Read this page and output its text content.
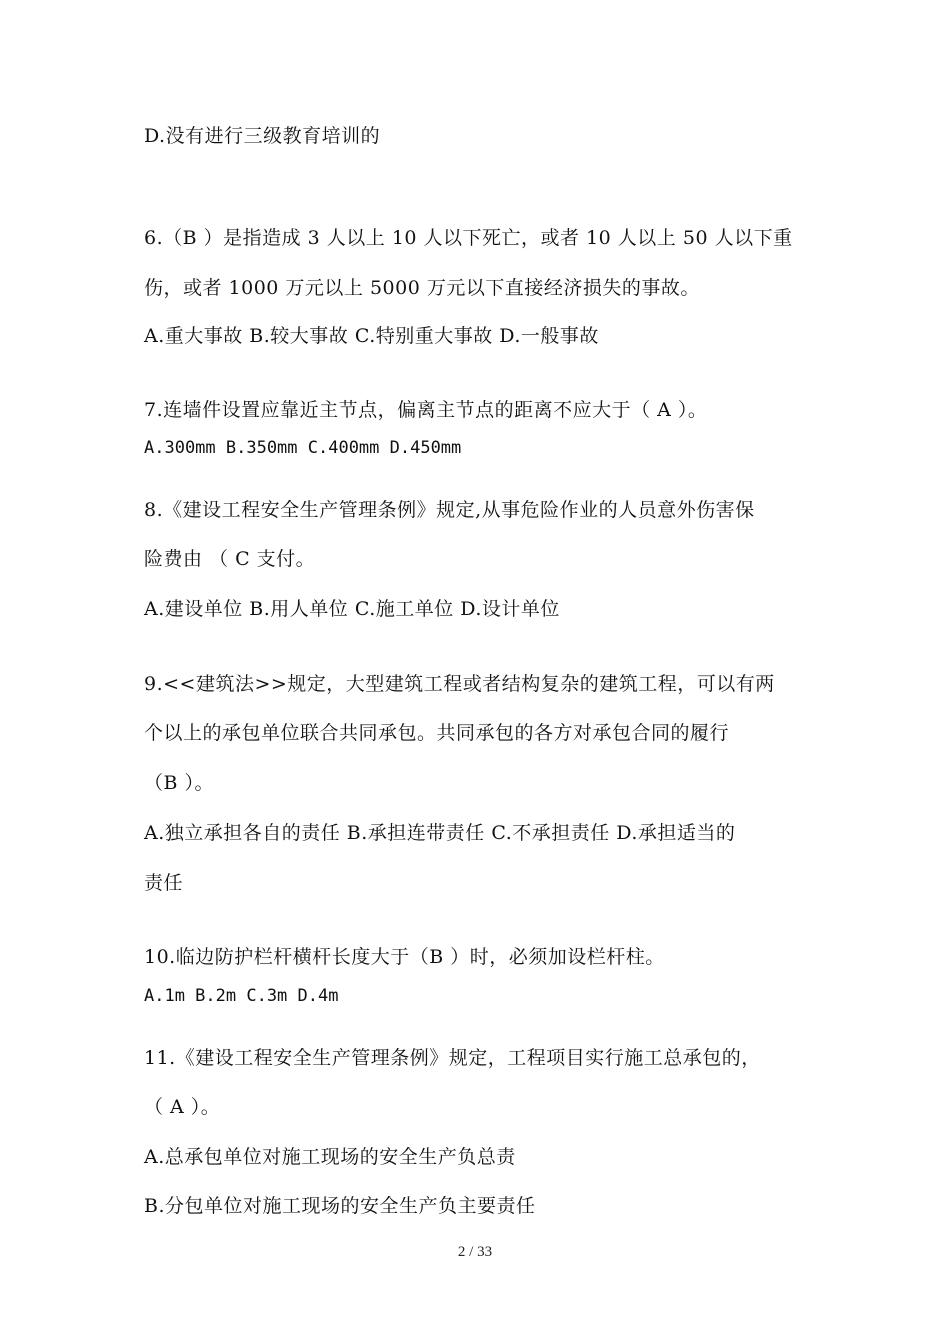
D.没有进行三级教育培训的
6.（B ）是指造成 3 人以上 10 人以下死亡，或者 10 人以上 50 人以下重
伤，或者 1000 万元以上 5000 万元以下直接经济损失的事故。
A.重大事故 B.较大事故 C.特别重大事故 D.一般事故
7.连墙件设置应靠近主节点，偏离主节点的距离不应大于（ A ）。
A.300mm B.350mm C.400mm D.450mm
8.《建设工程安全生产管理条例》规定,从事危险作业的人员意外伤害保
险费由 （ C 支付。
A.建设单位 B.用人单位 C.施工单位 D.设计单位
9.<<建筑法>>规定，大型建筑工程或者结构复杂的建筑工程，可以有两
个以上的承包单位联合共同承包。共同承包的各方对承包合同的履行
（B ）。
A.独立承担各自的责任 B.承担连带责任 C.不承担责任 D.承担适当的
责任
10.临边防护栏杆横杆长度大于（B ）时，必须加设栏杆柱。
A.1m B.2m C.3m D.4m
11.《建设工程安全生产管理条例》规定，工程项目实行施工总承包的，
（ A ）。
A.总承包单位对施工现场的安全生产负总责
B.分包单位对施工现场的安全生产负主要责任
2 / 33
